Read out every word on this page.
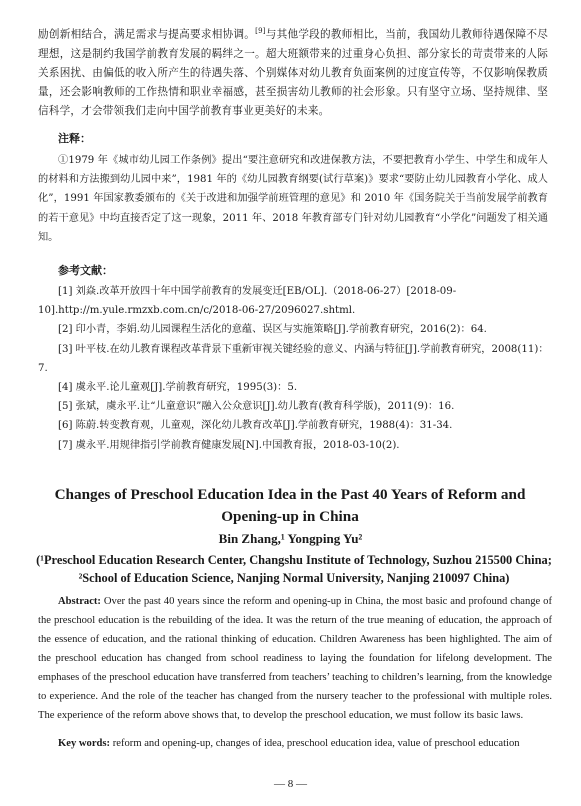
励创新相结合，满足需求与提高要求相协调。[9]与其他学段的教师相比，当前，我国幼儿教师待遇保障不尽理想，这是制约我国学前教育发展的羁绊之一。超大班额带来的过重身心负担、部分家长的苛责带来的人际关系困扰、由偏低的收入所产生的待遇失落、个别媒体对幼儿教育负面案例的过度宣传等，不仅影响保教质量，还会影响教师的工作热情和职业幸福感，甚至损害幼儿教师的社会形象。只有坚守立场、坚持规律、坚信科学，才会带领我们走向中国学前教育事业更美好的未来。

注释：

①1979 年《城市幼儿园工作条例》提出“要注意研究和改进保教方法，不要把教育小学生、中学生和成年人的材料和方法搬到幼儿园中来”，1981 年的《幼儿园教育纲要(试行草案)》要求“要防止幼儿园教育小学化、成人化”，1991 年国家教委颁布的《关于改进和加强学前班管理的意见》和 2010 年《国务院关于当前发展学前教育的若干意见》中均直接否定了这一现象，2011 年、2018 年教育部专门针对幼儿园教育“小学化”问题发了相关通知。

参考文献：

[1] 刘焱.改革开放四十年中国学前教育的发展变迁[EB/OL].（2018-06-27）[2018-09-10].http://m.yule.rmzxb.com.cn/c/2018-06-27/2096027.shtml.
[2] 印小青，李娟.幼儿园课程生活化的意蕴、误区与实施策略[J].学前教育研究，2016(2)：64.
[3] 叶平枝.在幼儿教育课程改革背景下重新审视关键经验的意义、内涵与特征[J].学前教育研究，2008(11)：7.
[4] 虞永平.论儿童观[J].学前教育研究，1995(3)：5.
[5] 张斌，虞永平.让“儿童意识”融入公众意识[J].幼儿教育(教育科学版)，2011(9)：16.
[6] 陈蔚.转变教育观，儿童观，深化幼儿教育改革[J].学前教育研究，1988(4)：31-34.
[7] 虞永平.用规律指引学前教育健康发展[N].中国教育报，2018-03-10(2).

Changes of Preschool Education Idea in the Past 40 Years of Reform and Opening-up in China

Bin Zhang,¹ Yongping Yu²

(¹Preschool Education Research Center, Changshu Institute of Technology, Suzhou 215500 China; ²School of Education Science, Nanjing Normal University, Nanjing 210097 China)

Abstract: Over the past 40 years since the reform and opening-up in China, the most basic and profound change of the preschool education is the rebuilding of the idea. It was the return of the true meaning of education, the approach of the essence of education, and the rational thinking of education. Children Awareness has been highlighted. The aim of the preschool education has changed from school readiness to laying the foundation for lifelong development. The emphases of the preschool education have transferred from teachers’ teaching to children’s learning, from the knowledge to experience. And the role of the teacher has changed from the nursery teacher to the professional with multiple roles. The experience of the reform above shows that, to develop the preschool education, we must follow its basic laws.

Key words: reform and opening-up, changes of idea, preschool education idea, value of preschool education

— 8 —
